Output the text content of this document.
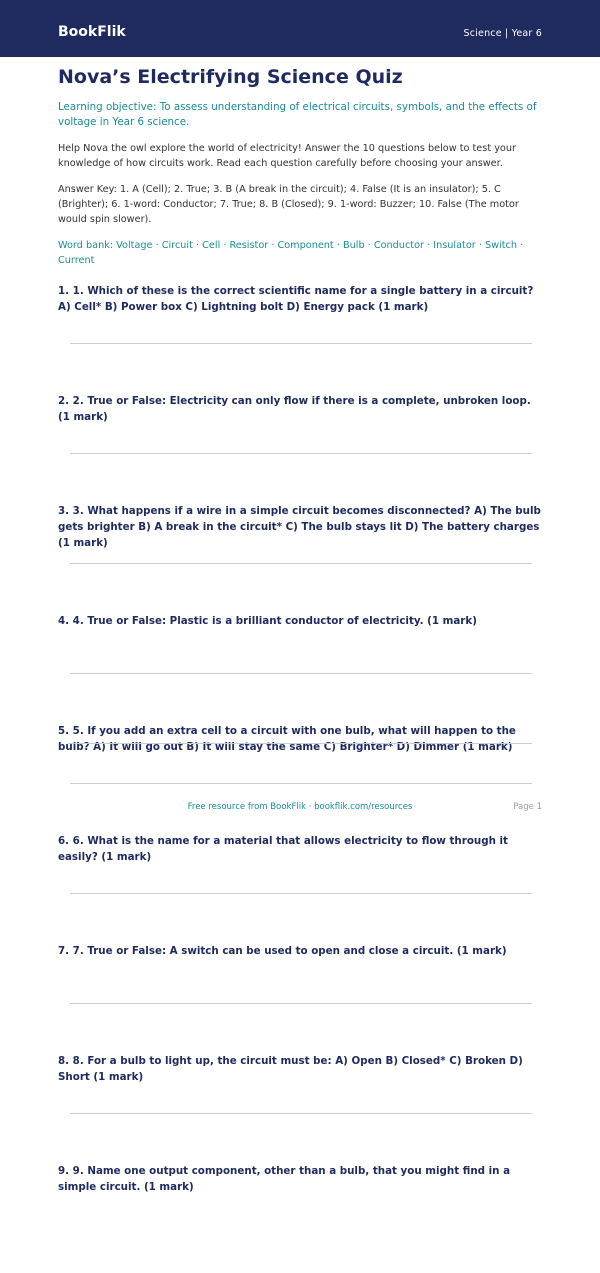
BookFlik	Science | Year 6
Nova’s Electrifying Science Quiz

Learning objective: To assess understanding of electrical circuits, symbols, and the effects of voltage in Year 6 science.

Help Nova the owl explore the world of electricity! Answer the 10 questions below to test your knowledge of how circuits work. Read each question carefully before choosing your answer.

Answer Key: 1. A (Cell); 2. True; 3. B (A break in the circuit); 4. False (It is an insulator); 5. C (Brighter); 6. 1-word: Conductor; 7. True; 8. B (Closed); 9. 1-word: Buzzer; 10. False (The motor would spin slower).

Word bank: Voltage · Circuit · Cell · Resistor · Component · Bulb · Conductor · Insulator · Switch · Current

1. 1. Which of these is the correct scientific name for a single battery in a circuit? A) Cell* B) Power box C) Lightning bolt D) Energy pack (1 mark)

2. 2. True or False: Electricity can only flow if there is a complete, unbroken loop. (1 mark)

3. 3. What happens if a wire in a simple circuit becomes disconnected? A) The bulb gets brighter B) A break in the circuit* C) The bulb stays lit D) The battery charges (1 mark)

4. 4. True or False: Plastic is a brilliant conductor of electricity. (1 mark)

5. 5. If you add an extra cell to a circuit with one bulb, what will happen to the bulb? A) It will go out B) It will stay the same C) Brighter* D) Dimmer (1 mark)

6. 6. What is the name for a material that allows electricity to flow through it easily? (1 mark)

7. 7. True or False: A switch can be used to open and close a circuit. (1 mark)

8. 8. For a bulb to light up, the circuit must be: A) Open B) Closed* C) Broken D) Short (1 mark)

9. 9. Name one output component, other than a bulb, that you might find in a simple circuit. (1 mark)

Free resource from BookFlik · bookflik.com/resources	Page 1
